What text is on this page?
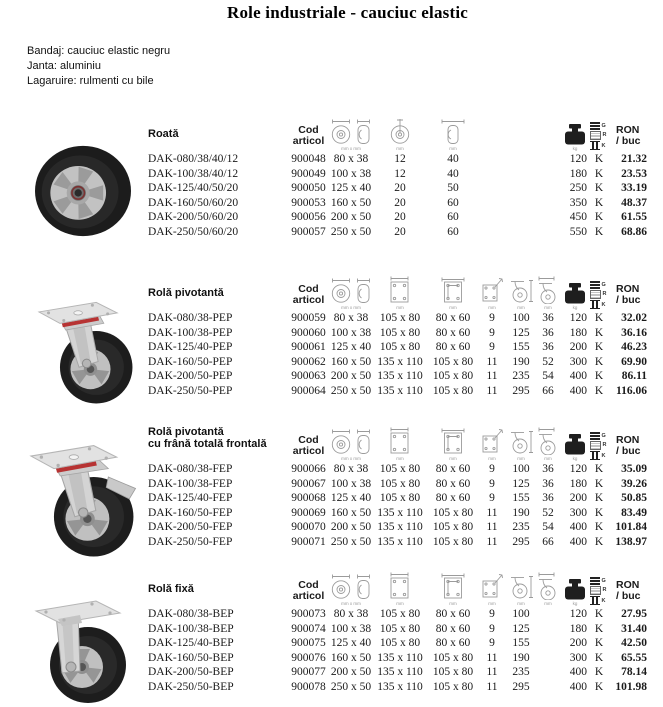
Role industriale - cauciuc elastic
Bandaj: cauciuc elastic negru
Janta: aluminiu
Lagaruire: rulmenti cu bile
Roată	Cod
articol
mm x mm	mm	mm	kg
G
R
K
RON
/ buc
DAK-080/38/40/12	900048 80 x 38	12	40	120 K	21.32
DAK-100/38/40/12	900049 100 x 38	12	40	180 K	23.53
DAK-125/40/50/20	900050 125 x 40	20	50	250 K	33.19
DAK-160/50/60/20	900053 160 x 50	20	60	350 K	48.37
DAK-200/50/60/20	900056 200 x 50	20	60	450 K	61.55
DAK-250/50/60/20	900057 250 x 50	20	60	550 K	68.86
Rolă pivotantă	Cod
articol
mm x mm	mm	mm	mm	mm	mm	kg
G
R
K
RON
/ buc
DAK-080/38-PEP	900059 80 x 38	105 x 80	80 x 60	9	100	36	120 K	32.02
DAK-100/38-PEP	900060 100 x 38 105 x 80	80 x 60	9	125	36	180 K	36.16
DAK-125/40-PEP	900061 125 x 40 105 x 80	80 x 60	9	155	36	200 K	46.23
DAK-160/50-PEP	900062 160 x 50 135 x 110 105 x 80	11	190	52	300 K	69.90
DAK-200/50-PEP	900063 200 x 50 135 x 110 105 x 80	11	235	54	400 K	86.11
DAK-250/50-PEP	900064 250 x 50 135 x 110 105 x 80	11	295	66	400 K	116.06
Rolă pivotantă
cu frână totală frontală	Cod
articol
mm x mm	mm	mm	mm	mm	mm	kg
G
R
K
RON
/ buc
DAK-080/38-FEP	900066 80 x 38	105 x 80	80 x 60	9	100	36	120 K	35.09
DAK-100/38-FEP	900067 100 x 38 105 x 80	80 x 60	9	125	36	180 K	39.26
DAK-125/40-FEP	900068 125 x 40 105 x 80	80 x 60	9	155	36	200 K	50.85
DAK-160/50-FEP	900069 160 x 50 135 x 110 105 x 80	11	190	52	300 K	83.49
DAK-200/50-FEP	900070 200 x 50 135 x 110 105 x 80	11	235	54	400 K	101.84
DAK-250/50-FEP	900071 250 x 50 135 x 110 105 x 80	11	295	66	400 K	138.97
Rolă fixă	Cod
articol
mm x mm	mm	mm	mm	mm	mm	kg
G
R
K
RON
/ buc
DAK-080/38-BEP	900073 80 x 38	105 x 80	80 x 60	9	100	120 K	27.95
DAK-100/38-BEP	900074 100 x 38 105 x 80	80 x 60	9	125	180 K	31.40
DAK-125/40-BEP	900075 125 x 40 105 x 80	80 x 60	9	155	200 K	42.50
DAK-160/50-BEP	900076 160 x 50 135 x 110 105 x 80	11	190	300 K	65.55
DAK-200/50-BEP	900077 200 x 50 135 x 110 105 x 80	11	235	400 K	78.14
DAK-250/50-BEP	900078 250 x 50 135 x 110 105 x 80	11	295	400 K	101.98
